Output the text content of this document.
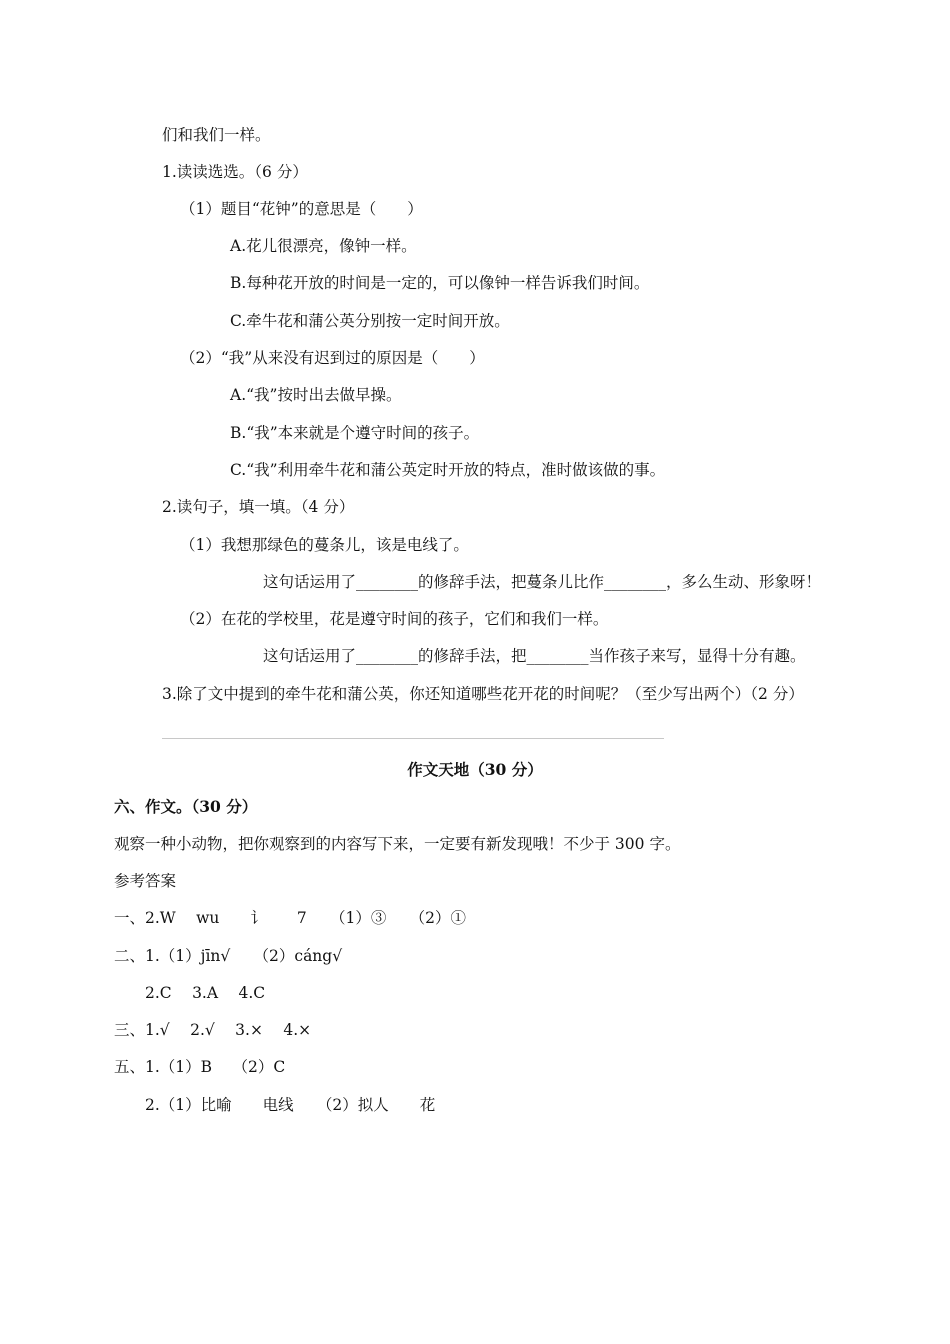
们和我们一样。
1.读读选选。（6 分）
（1）题目“花钟”的意思是（　　）
A.花儿很漂亮，像钟一样。
B.每种花开放的时间是一定的，可以像钟一样告诉我们时间。
C.牵牛花和蒲公英分别按一定时间开放。
（2）“我”从来没有迟到过的原因是（　　）
A.“我”按时出去做早操。
B.“我”本来就是个遵守时间的孩子。
C.“我”利用牵牛花和蒲公英定时开放的特点，准时做该做的事。
2.读句子，填一填。（4 分）
（1）我想那绿色的蔓条儿，该是电线了。
这句话运用了________的修辞手法，把蔓条儿比作________，多么生动、形象呀！
（2）在花的学校里，花是遵守时间的孩子，它们和我们一样。
这句话运用了________的修辞手法，把________当作孩子来写，显得十分有趣。
3.除了文中提到的牵牛花和蒲公英，你还知道哪些花开花的时间呢？（至少写出两个）（2 分）
作文天地（30 分）
六、作文。（30 分）
观察一种小动物，把你观察到的内容写下来，一定要有新发现哦！不少于 300 字。
参考答案
一、2.W　 wu　　讠　　7　　（1）③　　（2）①
二、1.（1）jīn√　　（2）cáng√
　　2.C　 3.A　 4.C
三、1.√　 2.√　 3.×　 4.×
五、1.（1）B　 （2）C
　　2.（1）比喻　　电线　　（2）拟人　　花
